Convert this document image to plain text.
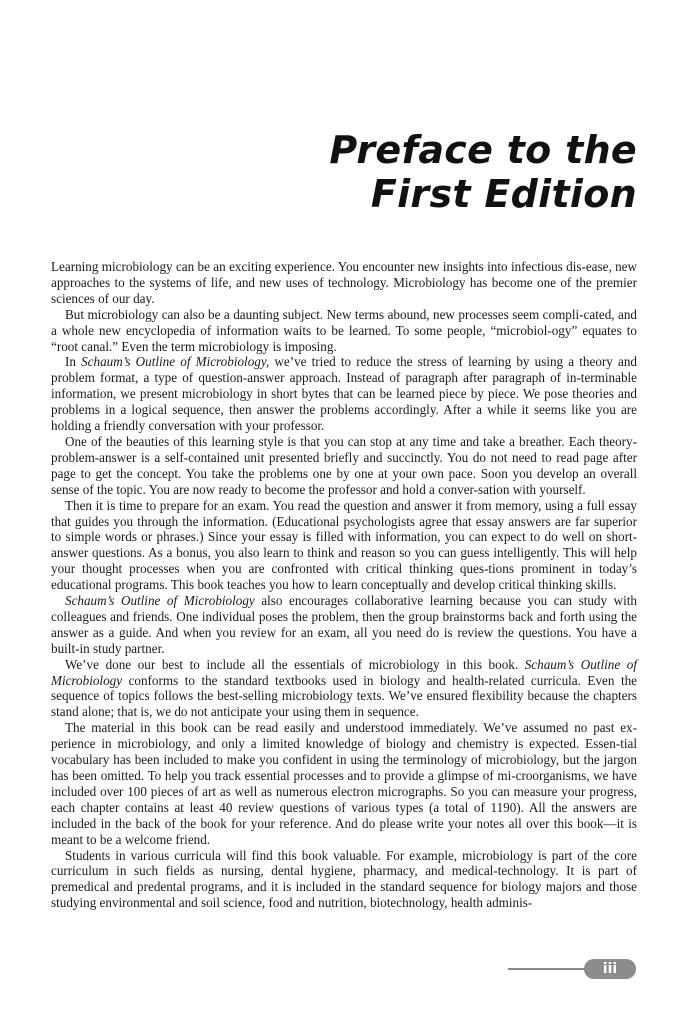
Preface to the
First Edition

Learning microbiology can be an exciting experience. You encounter new insights into infectious dis-ease, new approaches to the systems of life, and new uses of technology. Microbiology has become one of the premier sciences of our day.

But microbiology can also be a daunting subject. New terms abound, new processes seem compli-cated, and a whole new encyclopedia of information waits to be learned. To some people, “microbiol-ogy” equates to “root canal.” Even the term microbiology is imposing.

In Schaum’s Outline of Microbiology, we’ve tried to reduce the stress of learning by using a theory and problem format, a type of question-answer approach. Instead of paragraph after paragraph of in-terminable information, we present microbiology in short bytes that can be learned piece by piece. We pose theories and problems in a logical sequence, then answer the problems accordingly. After a while it seems like you are holding a friendly conversation with your professor.

One of the beauties of this learning style is that you can stop at any time and take a breather. Each theory-problem-answer is a self-contained unit presented briefly and succinctly. You do not need to read page after page to get the concept. You take the problems one by one at your own pace. Soon you develop an overall sense of the topic. You are now ready to become the professor and hold a conver-sation with yourself.

Then it is time to prepare for an exam. You read the question and answer it from memory, using a full essay that guides you through the information. (Educational psychologists agree that essay answers are far superior to simple words or phrases.) Since your essay is filled with information, you can expect to do well on short-answer questions. As a bonus, you also learn to think and reason so you can guess intelligently. This will help your thought processes when you are confronted with critical thinking ques-tions prominent in today’s educational programs. This book teaches you how to learn conceptually and develop critical thinking skills.

Schaum’s Outline of Microbiology also encourages collaborative learning because you can study with colleagues and friends. One individual poses the problem, then the group brainstorms back and forth using the answer as a guide. And when you review for an exam, all you need do is review the questions. You have a built-in study partner.

We’ve done our best to include all the essentials of microbiology in this book. Schaum’s Outline of Microbiology conforms to the standard textbooks used in biology and health-related curricula. Even the sequence of topics follows the best-selling microbiology texts. We’ve ensured flexibility because the chapters stand alone; that is, we do not anticipate your using them in sequence.

The material in this book can be read easily and understood immediately. We’ve assumed no past ex-perience in microbiology, and only a limited knowledge of biology and chemistry is expected. Essen-tial vocabulary has been included to make you confident in using the terminology of microbiology, but the jargon has been omitted. To help you track essential processes and to provide a glimpse of mi-croorganisms, we have included over 100 pieces of art as well as numerous electron micrographs. So you can measure your progress, each chapter contains at least 40 review questions of various types (a total of 1190). All the answers are included in the back of the book for your reference. And do please write your notes all over this book—it is meant to be a welcome friend.

Students in various curricula will find this book valuable. For example, microbiology is part of the core curriculum in such fields as nursing, dental hygiene, pharmacy, and medical-technology. It is part of premedical and predental programs, and it is included in the standard sequence for biology majors and those studying environmental and soil science, food and nutrition, biotechnology, health adminis-

iii
